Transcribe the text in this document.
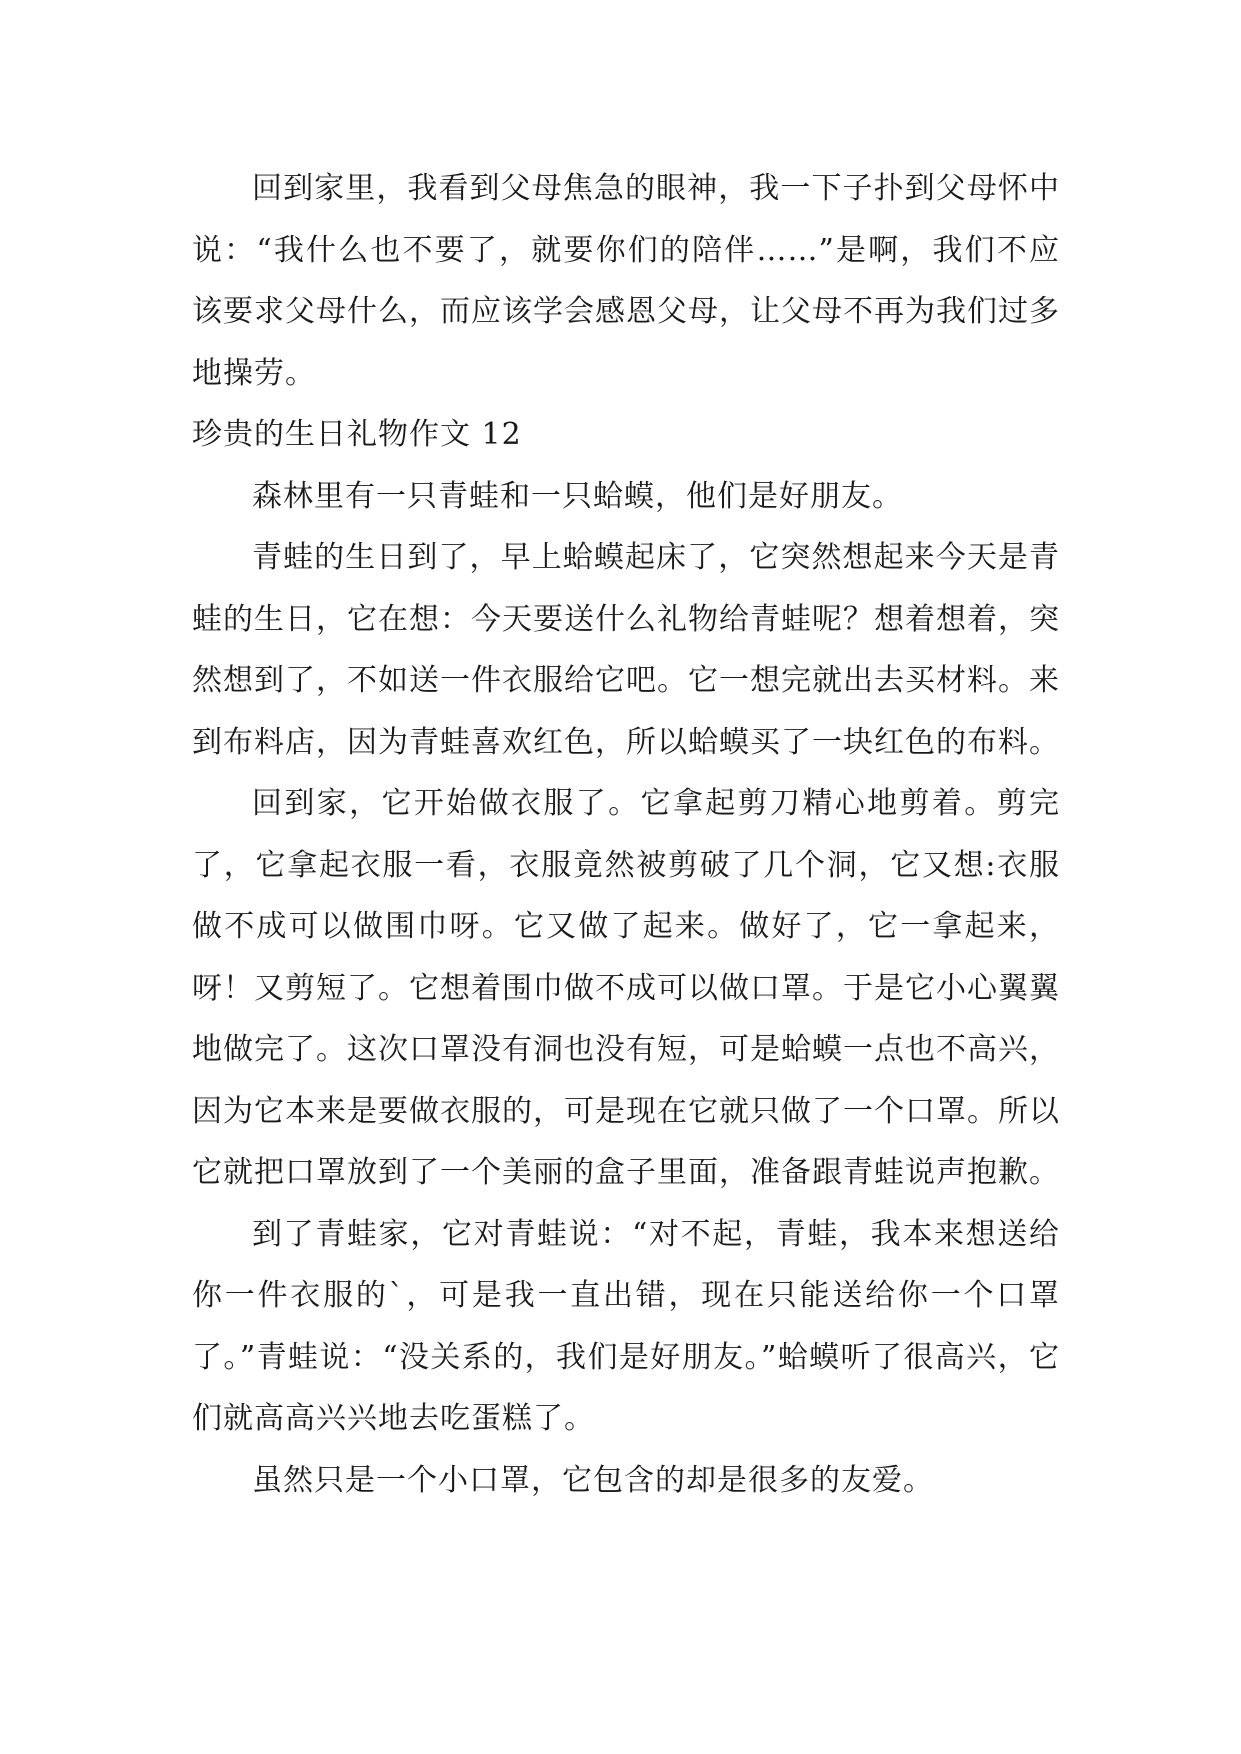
回到家里，我看到父母焦急的眼神，我一下子扑到父母怀中说：“我什么也不要了，就要你们的陪伴……”是啊，我们不应该要求父母什么，而应该学会感恩父母，让父母不再为我们过多地操劳。

珍贵的生日礼物作文 12

森林里有一只青蛙和一只蛤蟆，他们是好朋友。

青蛙的生日到了，早上蛤蟆起床了，它突然想起来今天是青蛙的生日，它在想：今天要送什么礼物给青蛙呢？想着想着，突然想到了，不如送一件衣服给它吧。它一想完就出去买材料。来到布料店，因为青蛙喜欢红色，所以蛤蟆买了一块红色的布料。

回到家，它开始做衣服了。它拿起剪刀精心地剪着。剪完了，它拿起衣服一看，衣服竟然被剪破了几个洞，它又想:衣服做不成可以做围巾呀。它又做了起来。做好了，它一拿起来，呀！又剪短了。它想着围巾做不成可以做口罩。于是它小心翼翼地做完了。这次口罩没有洞也没有短，可是蛤蟆一点也不高兴，因为它本来是要做衣服的，可是现在它就只做了一个口罩。所以它就把口罩放到了一个美丽的盒子里面，准备跟青蛙说声抱歉。

到了青蛙家，它对青蛙说：“对不起，青蛙，我本来想送给你一件衣服的`，可是我一直出错，现在只能送给你一个口罩了。”青蛙说：“没关系的，我们是好朋友。”蛤蟆听了很高兴，它们就高高兴兴地去吃蛋糕了。

虽然只是一个小口罩，它包含的却是很多的友爱。
